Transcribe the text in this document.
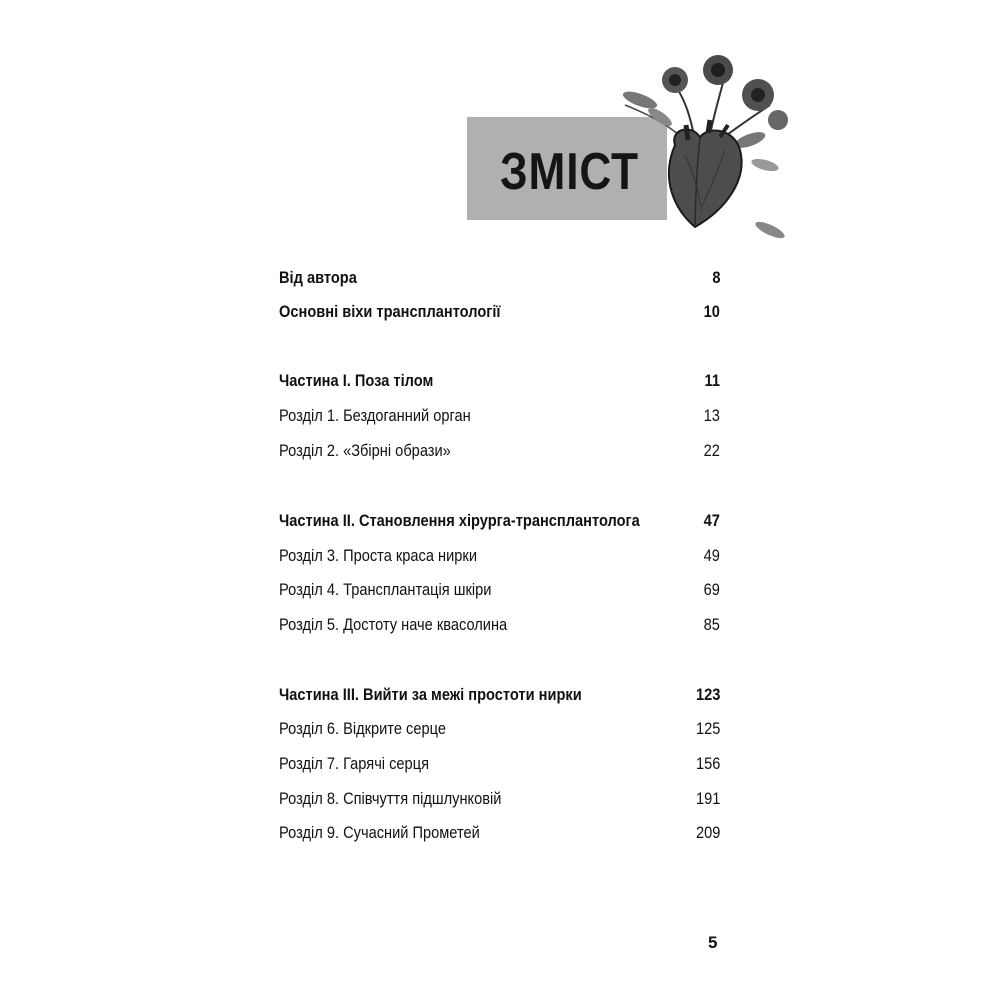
ЗМІСТ
Від автора	8
Основні віхи трансплантології	10
Частина I. Поза тілом	11
Розділ 1. Бездоганний орган	13
Розділ 2. «Збірні образи»	22
Частина II. Становлення хірурга-трансплантолога	47
Розділ 3. Проста краса нирки	49
Розділ 4. Трансплантація шкіри	69
Розділ 5. Достоту наче квасолина	85
Частина III. Вийти за межі простоти нирки	123
Розділ 6. Відкрите серце	125
Розділ 7. Гарячі серця	156
Розділ 8. Співчуття підшлунковій	191
Розділ 9. Сучасний Прометей	209
5
